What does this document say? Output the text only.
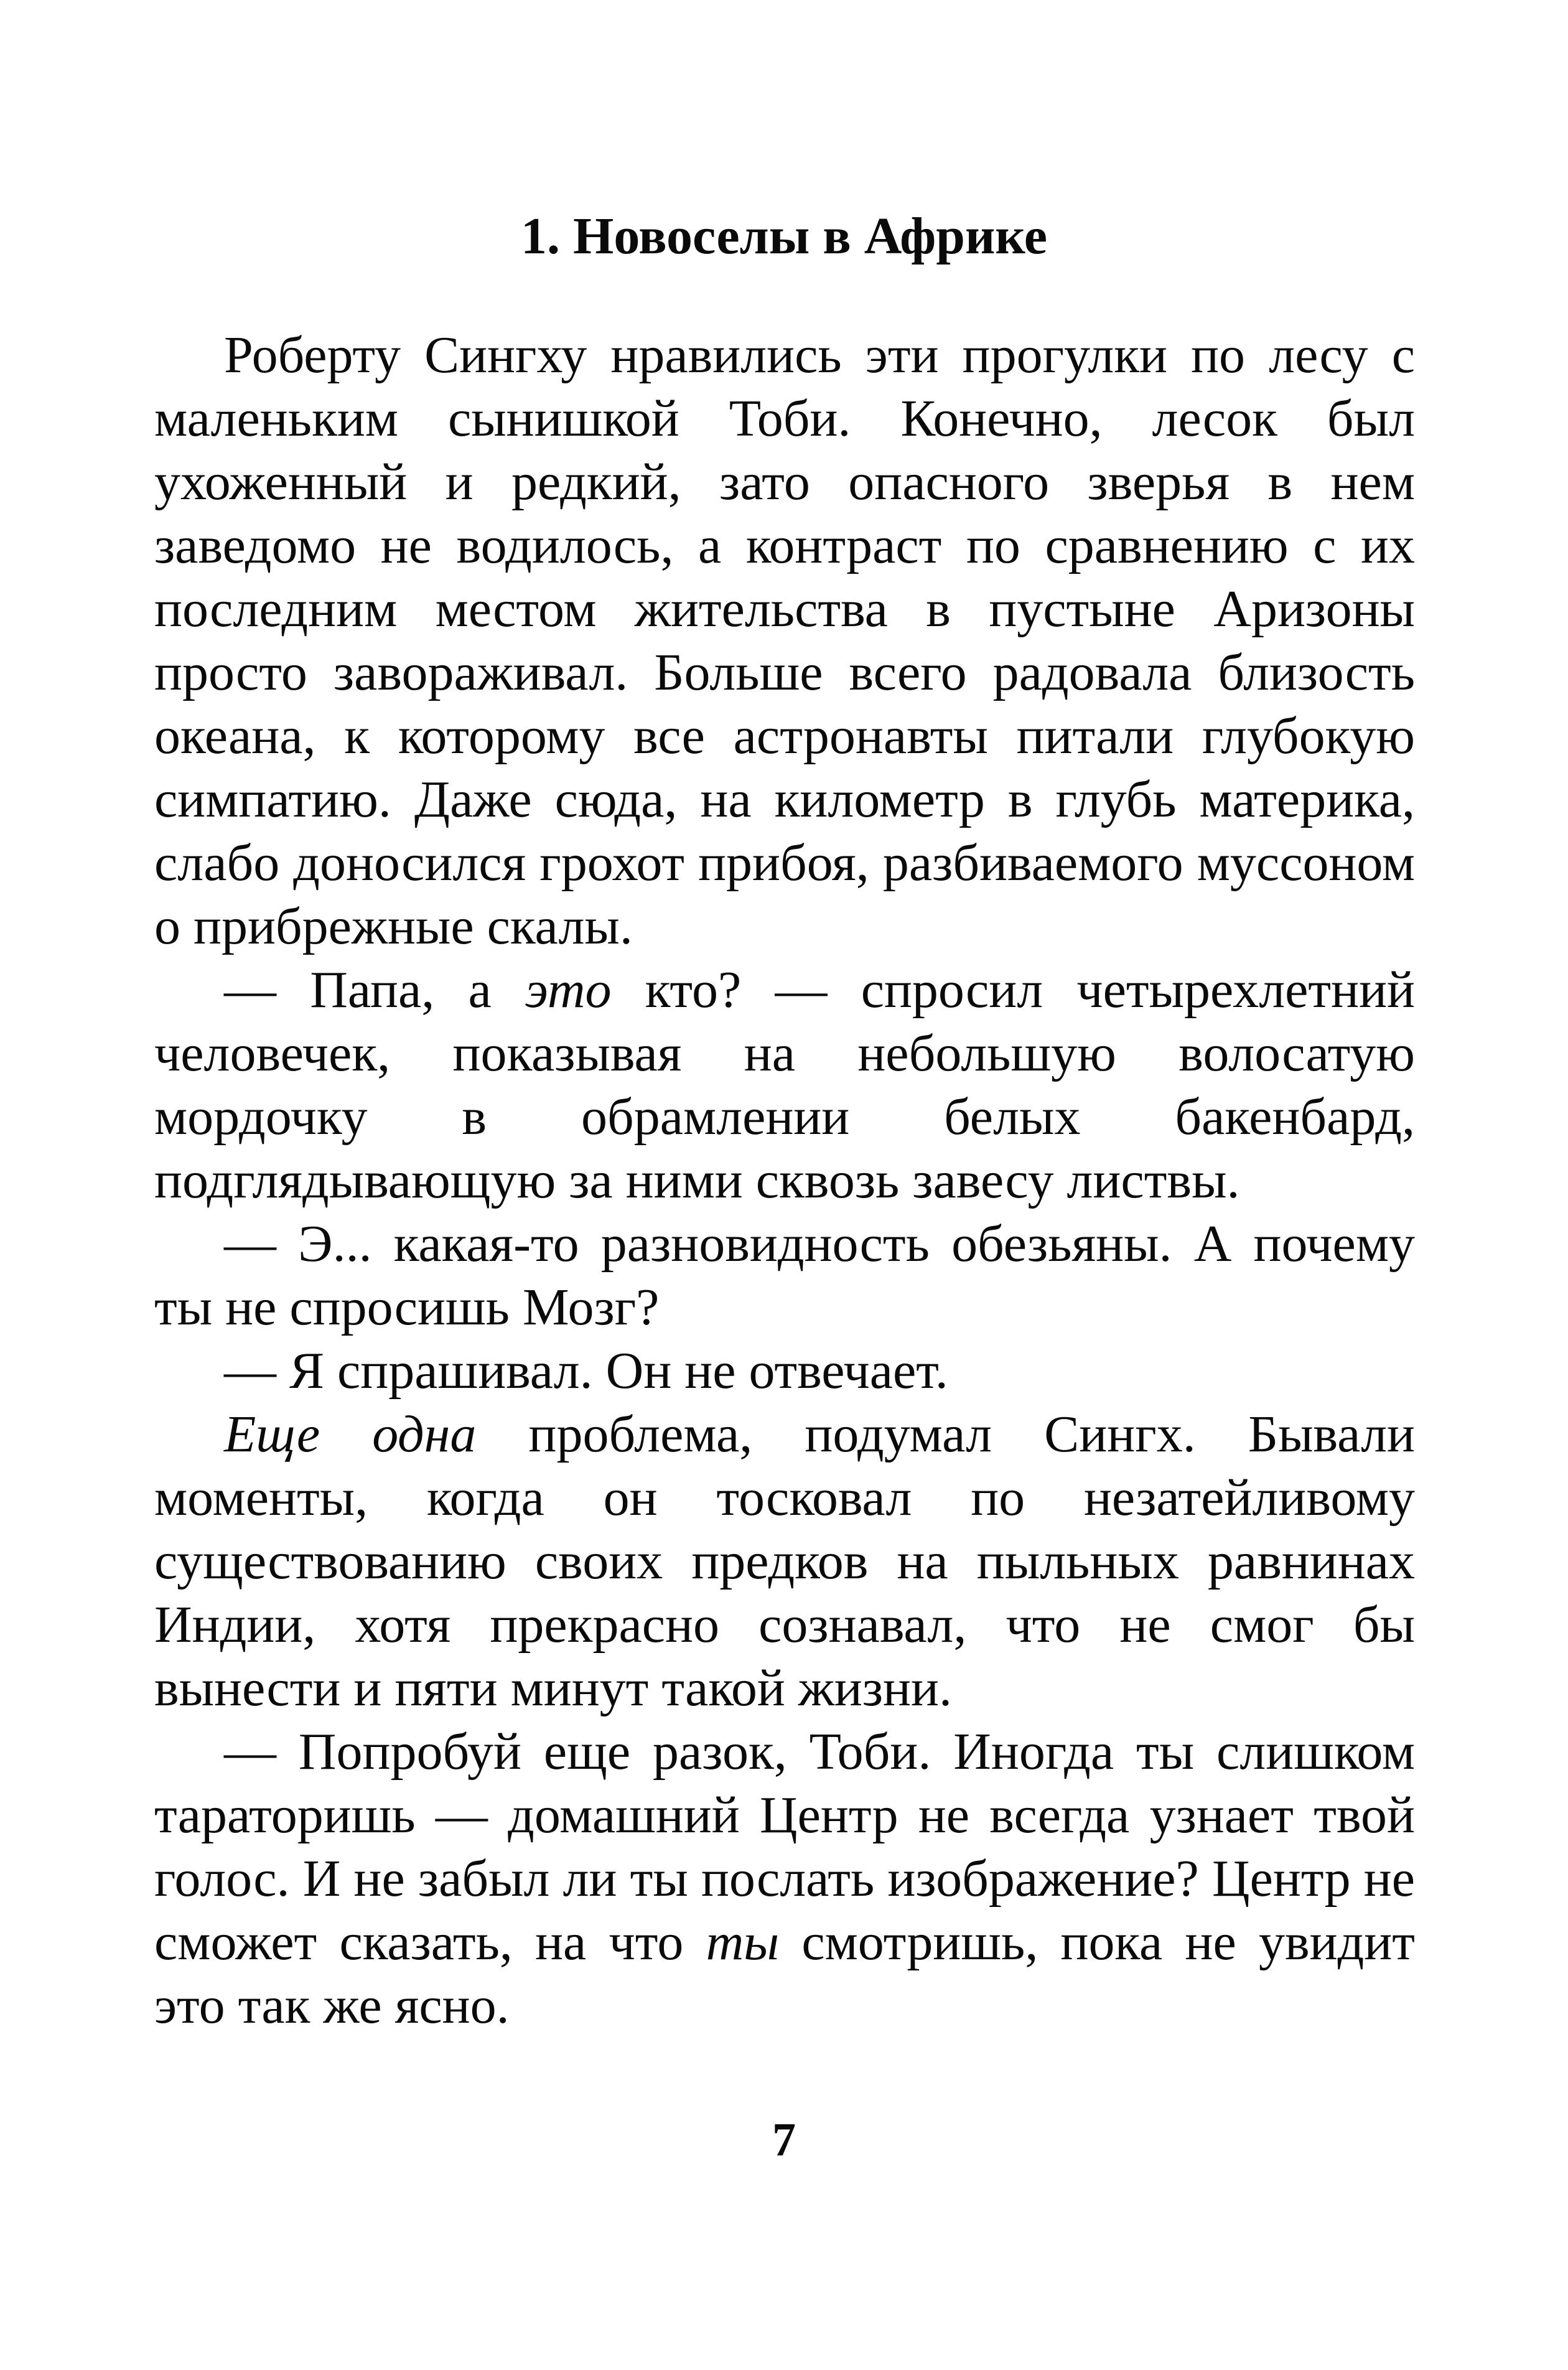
1. Новоселы в Африке

Роберту Сингху нравились эти прогулки по лесу с маленьким сынишкой Тоби. Конечно, лесок был ухоженный и редкий, зато опасного зверья в нем заведомо не водилось, а контраст по сравнению с их последним местом жительства в пустыне Аризоны просто завораживал. Больше всего радовала близость океана, к которому все астронавты питали глубокую симпатию. Даже сюда, на километр в глубь материка, слабо доносился грохот прибоя, разбиваемого муссоном о прибрежные скалы.

— Папа, а это кто? — спросил четырехлетний человечек, показывая на небольшую волосатую мордочку в обрамлении белых бакенбард, подглядывающую за ними сквозь завесу листвы.

— Э... какая-то разновидность обезьяны. А почему ты не спросишь Мозг?

— Я спрашивал. Он не отвечает.

Еще одна проблема, подумал Сингх. Бывали моменты, когда он тосковал по незатейливому существованию своих предков на пыльных равнинах Индии, хотя прекрасно сознавал, что не смог бы вынести и пяти минут такой жизни.

— Попробуй еще разок, Тоби. Иногда ты слишком тараторишь — домашний Центр не всегда узнает твой голос. И не забыл ли ты послать изображение? Центр не сможет сказать, на что ты смотришь, пока не увидит это так же ясно.

7
